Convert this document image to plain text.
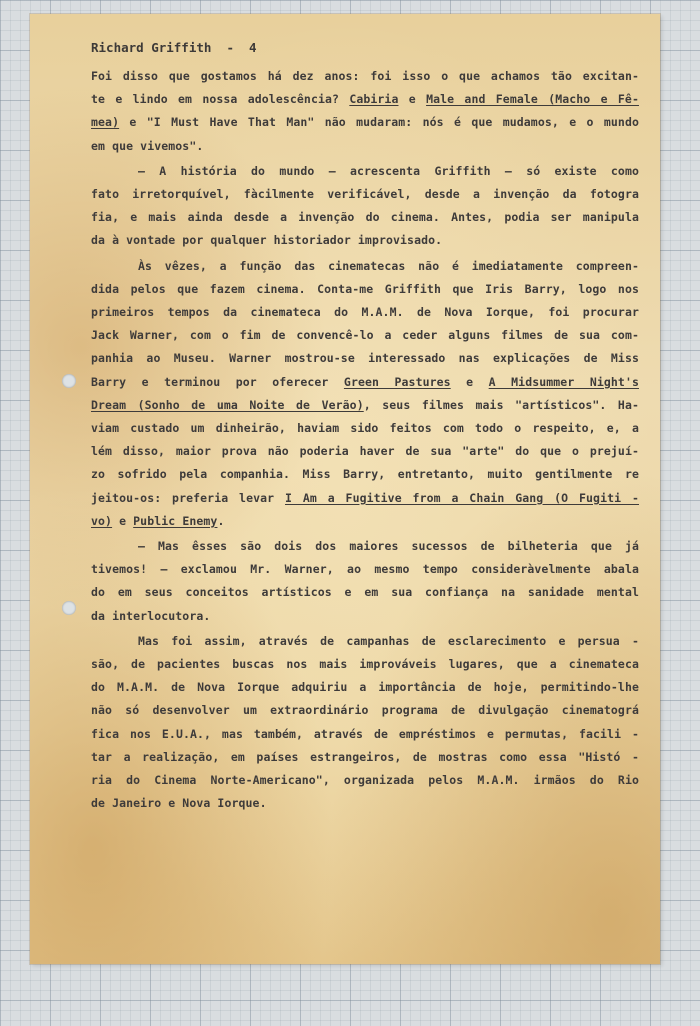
Richard Griffith  -  4
Foi disso que gostamos há dez anos: foi isso o que achamos tão excitan-
te e lindo em nossa adolescência? Cabiria e Male and Female (Macho e Fê-
mea) e "I Must Have That Man" não mudaram: nós é que mudamos, e o mundo
em que vivemos".
— A história do mundo — acrescenta Griffith — só existe como
fato irretorquível, fàcilmente verificável, desde a invenção da fotogra
fia, e mais ainda desde a invenção do cinema. Antes, podia ser manipula
da à vontade por qualquer historiador improvisado.
Às vêzes, a função das cinematecas não é imediatamente compreen-
dida pelos que fazem cinema. Conta-me Griffith que Iris Barry, logo nos
primeiros tempos da cinemateca do M.A.M. de Nova Iorque, foi procurar
Jack Warner, com o fim de convencê-lo a ceder alguns filmes de sua com-
panhia ao Museu. Warner mostrou-se interessado nas explicações de Miss
Barry e terminou por oferecer Green Pastures e A Midsummer Night's
Dream (Sonho de uma Noite de Verão), seus filmes mais "artísticos". Ha-
viam custado um dinheirão, haviam sido feitos com todo o respeito, e, a
lém disso, maior prova não poderia haver de sua "arte" do que o prejuí-
zo sofrido pela companhia. Miss Barry, entretanto, muito gentilmente re
jeitou-os: preferia levar I Am a Fugitive from a Chain Gang (O Fugiti -
vo) e Public Enemy.
— Mas êsses são dois dos maiores sucessos de bilheteria que já
tivemos! — exclamou Mr. Warner, ao mesmo tempo consideràvelmente abala
do em seus conceitos artísticos e em sua confiança na sanidade mental
da interlocutora.
Mas foi assim, através de campanhas de esclarecimento e persua -
são, de pacientes buscas nos mais improváveis lugares, que a cinemateca
do M.A.M. de Nova Iorque adquiriu a importância de hoje, permitindo-lhe
não só desenvolver um extraordinário programa de divulgação cinematográ
fica nos E.U.A., mas também, através de empréstimos e permutas, facili -
tar a realização, em países estrangeiros, de mostras como essa "Histó -
ria do Cinema Norte-Americano", organizada pelos M.A.M. irmãos do Rio
de Janeiro e Nova Iorque.
